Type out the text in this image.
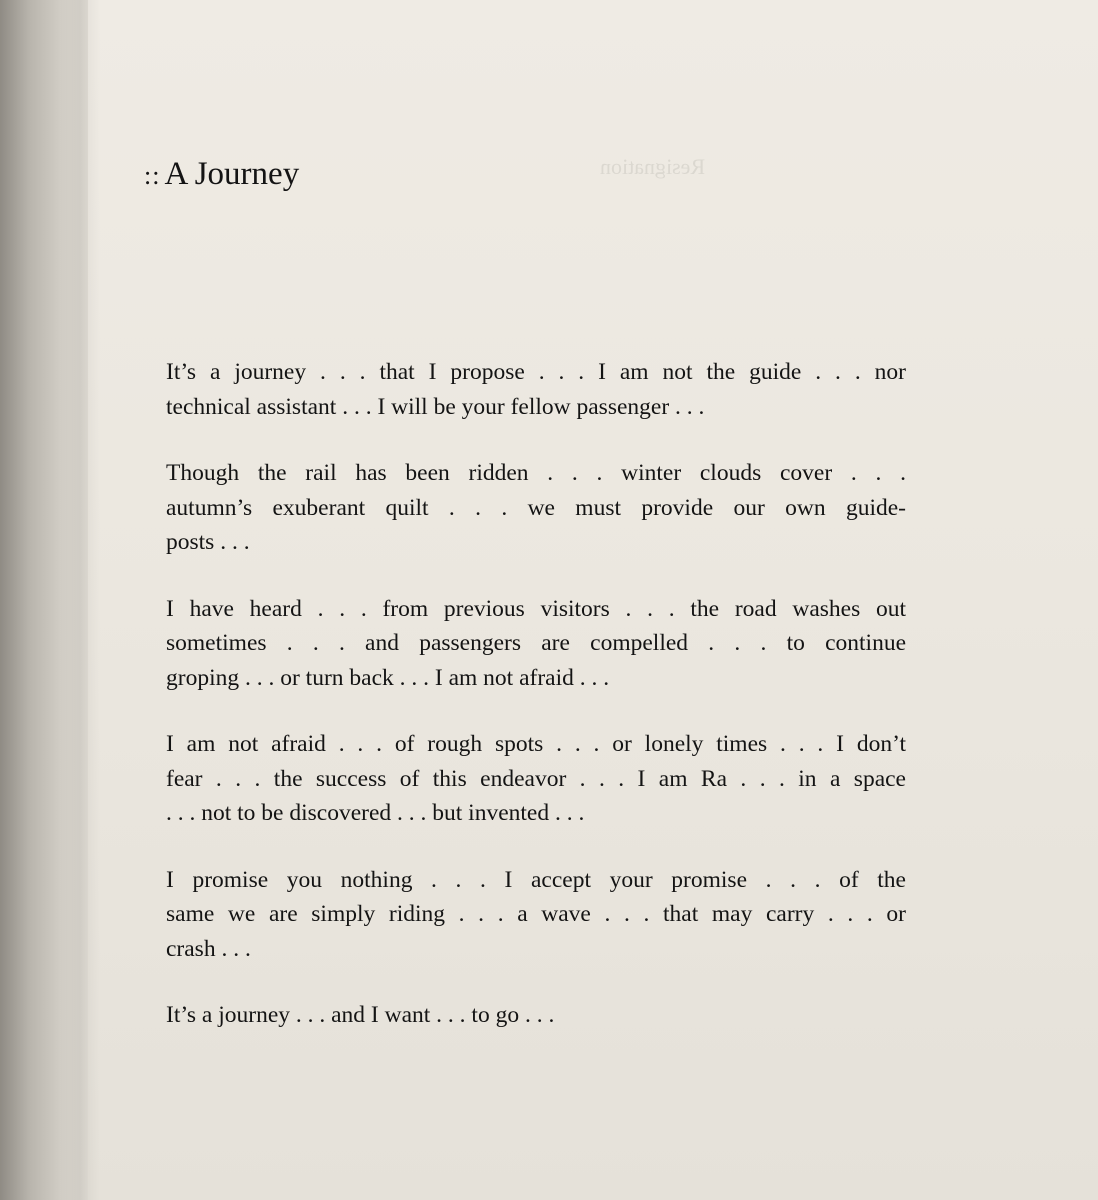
:: A Journey
It’s a journey . . . that I propose . . . I am not the guide . . . nor
technical assistant . . . I will be your fellow passenger . . .
Though the rail has been ridden . . . winter clouds cover . . .
autumn’s exuberant quilt . . . we must provide our own guide-
posts . . .
I have heard . . . from previous visitors . . . the road washes out
sometimes . . . and passengers are compelled . . . to continue
groping . . . or turn back . . . I am not afraid . . .
I am not afraid . . . of rough spots . . . or lonely times . . . I don’t
fear . . . the success of this endeavor . . . I am Ra . . . in a space
. . . not to be discovered . . . but invented . . .
I promise you nothing . . . I accept your promise . . . of the
same we are simply riding . . . a wave . . . that may carry . . . or
crash . . .
It’s a journey . . . and I want . . . to go . . .
